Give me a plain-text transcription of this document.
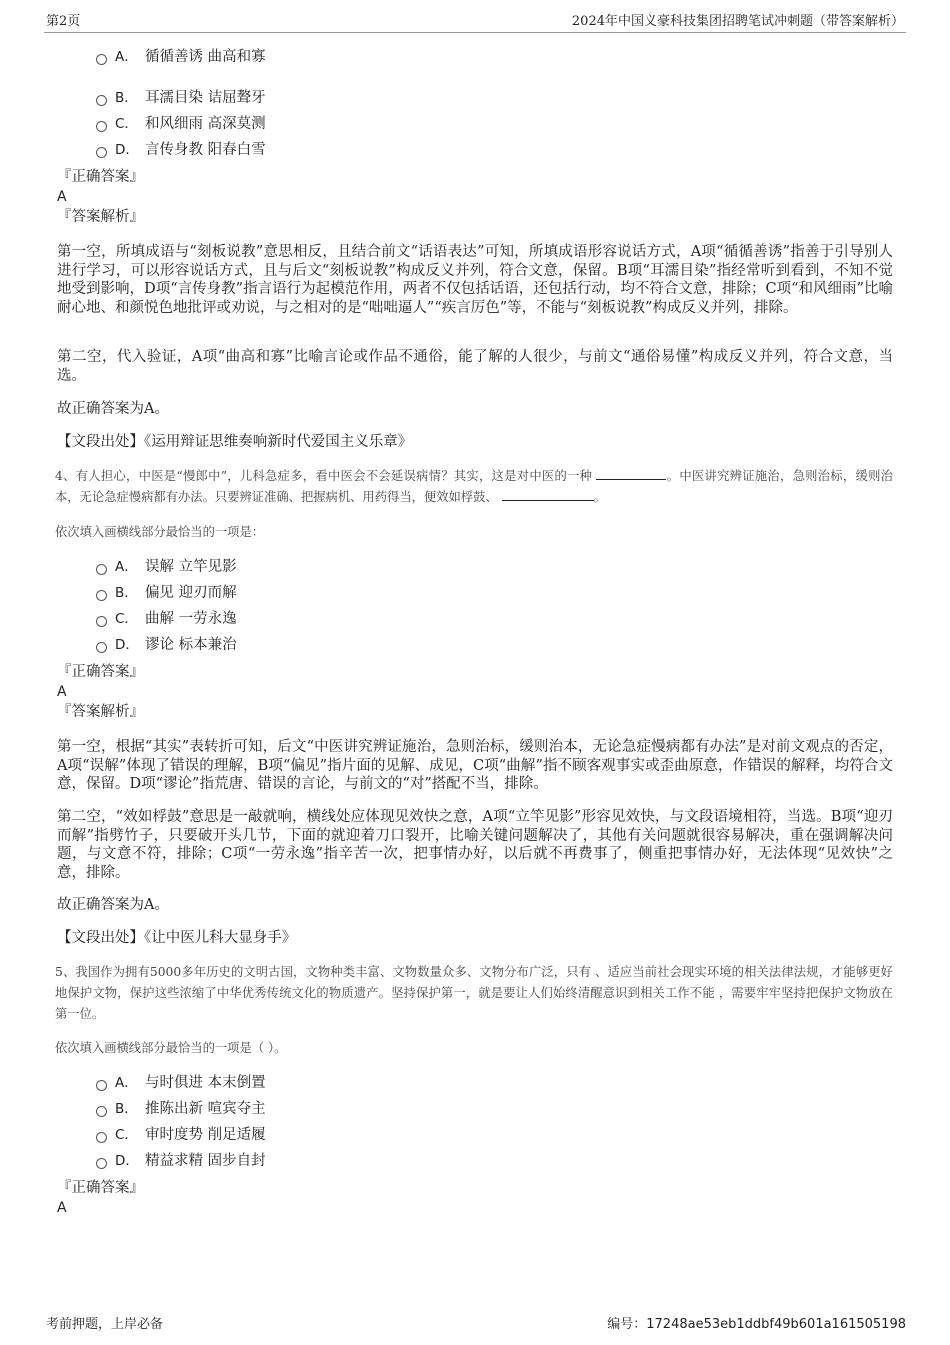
第2页	2024年中国义豪科技集团招聘笔试冲刺题（带答案解析）
A． 循循善诱 曲高和寡
B． 耳濡目染 诘屈聱牙
C． 和风细雨 高深莫测
D． 言传身教 阳春白雪
『正确答案』
A
『答案解析』
第一空，所填成语与“刻板说教”意思相反，且结合前文“话语表达”可知，所填成语形容说话方式，A项“循循善诱”指善于引导别人进行学习，可以形容说话方式，且与后文“刻板说教”构成反义并列，符合文意，保留。B项“耳濡目染”指经常听到看到，不知不觉地受到影响，D项“言传身教”指言语行为起模范作用，两者不仅包括话语，还包括行动，均不符合文意，排除；C项“和风细雨”比喻耐心地、和颜悦色地批评或劝说，与之相对的是“咄咄逼人”“疾言厉色”等，不能与“刻板说教”构成反义并列，排除。
第二空，代入验证，A项“曲高和寡”比喻言论或作品不通俗，能了解的人很少，与前文“通俗易懂”构成反义并列，符合文意，当选。
故正确答案为A。
【文段出处】《运用辩证思维奏响新时代爱国主义乐章》
4、有人担心，中医是“慢郎中”，儿科急症多，看中医会不会延误病情？其实，这是对中医的一种	。中医讲究辨证施治，急则治标，缓则治本，无论急症慢病都有办法。只要辨证准确、把握病机、用药得当，便效如桴鼓、	。
依次填入画横线部分最恰当的一项是：
A． 误解 立竿见影
B． 偏见 迎刃而解
C． 曲解 一劳永逸
D． 谬论 标本兼治
『正确答案』
A
『答案解析』
第一空，根据“其实”表转折可知，后文“中医讲究辨证施治，急则治标，缓则治本，无论急症慢病都有办法”是对前文观点的否定，A项“误解”体现了错误的理解，B项“偏见”指片面的见解、成见，C项“曲解”指不顾客观事实或歪曲原意，作错误的解释，均符合文意，保留。D项“谬论”指荒唐、错误的言论，与前文的“对”搭配不当，排除。
第二空，“效如桴鼓”意思是一敲就响，横线处应体现见效快之意，A项“立竿见影”形容见效快，与文段语境相符，当选。B项“迎刃而解”指劈竹子，只要破开头几节，下面的就迎着刀口裂开，比喻关键问题解决了，其他有关问题就很容易解决，重在强调解决问题，与文意不符，排除；C项“一劳永逸”指辛苦一次，把事情办好，以后就不再费事了，侧重把事情办好，无法体现“见效快”之意，排除。
故正确答案为A。
【文段出处】《让中医儿科大显身手》
5、我国作为拥有5000多年历史的文明古国，文物种类丰富、文物数量众多、文物分布广泛，只有 、适应当前社会现实环境的相关法律法规，才能够更好地保护文物，保护这些浓缩了中华优秀传统文化的物质遗产。坚持保护第一，就是要让人们始终清醒意识到相关工作不能 ，需要牢牢坚持把保护文物放在第一位。
依次填入画横线部分最恰当的一项是（ ）。
A． 与时俱进 本末倒置
B． 推陈出新 喧宾夺主
C． 审时度势 削足适履
D． 精益求精 固步自封
『正确答案』
A
考前押题，上岸必备	编号：17248ae53eb1ddbf49b601a161505198
